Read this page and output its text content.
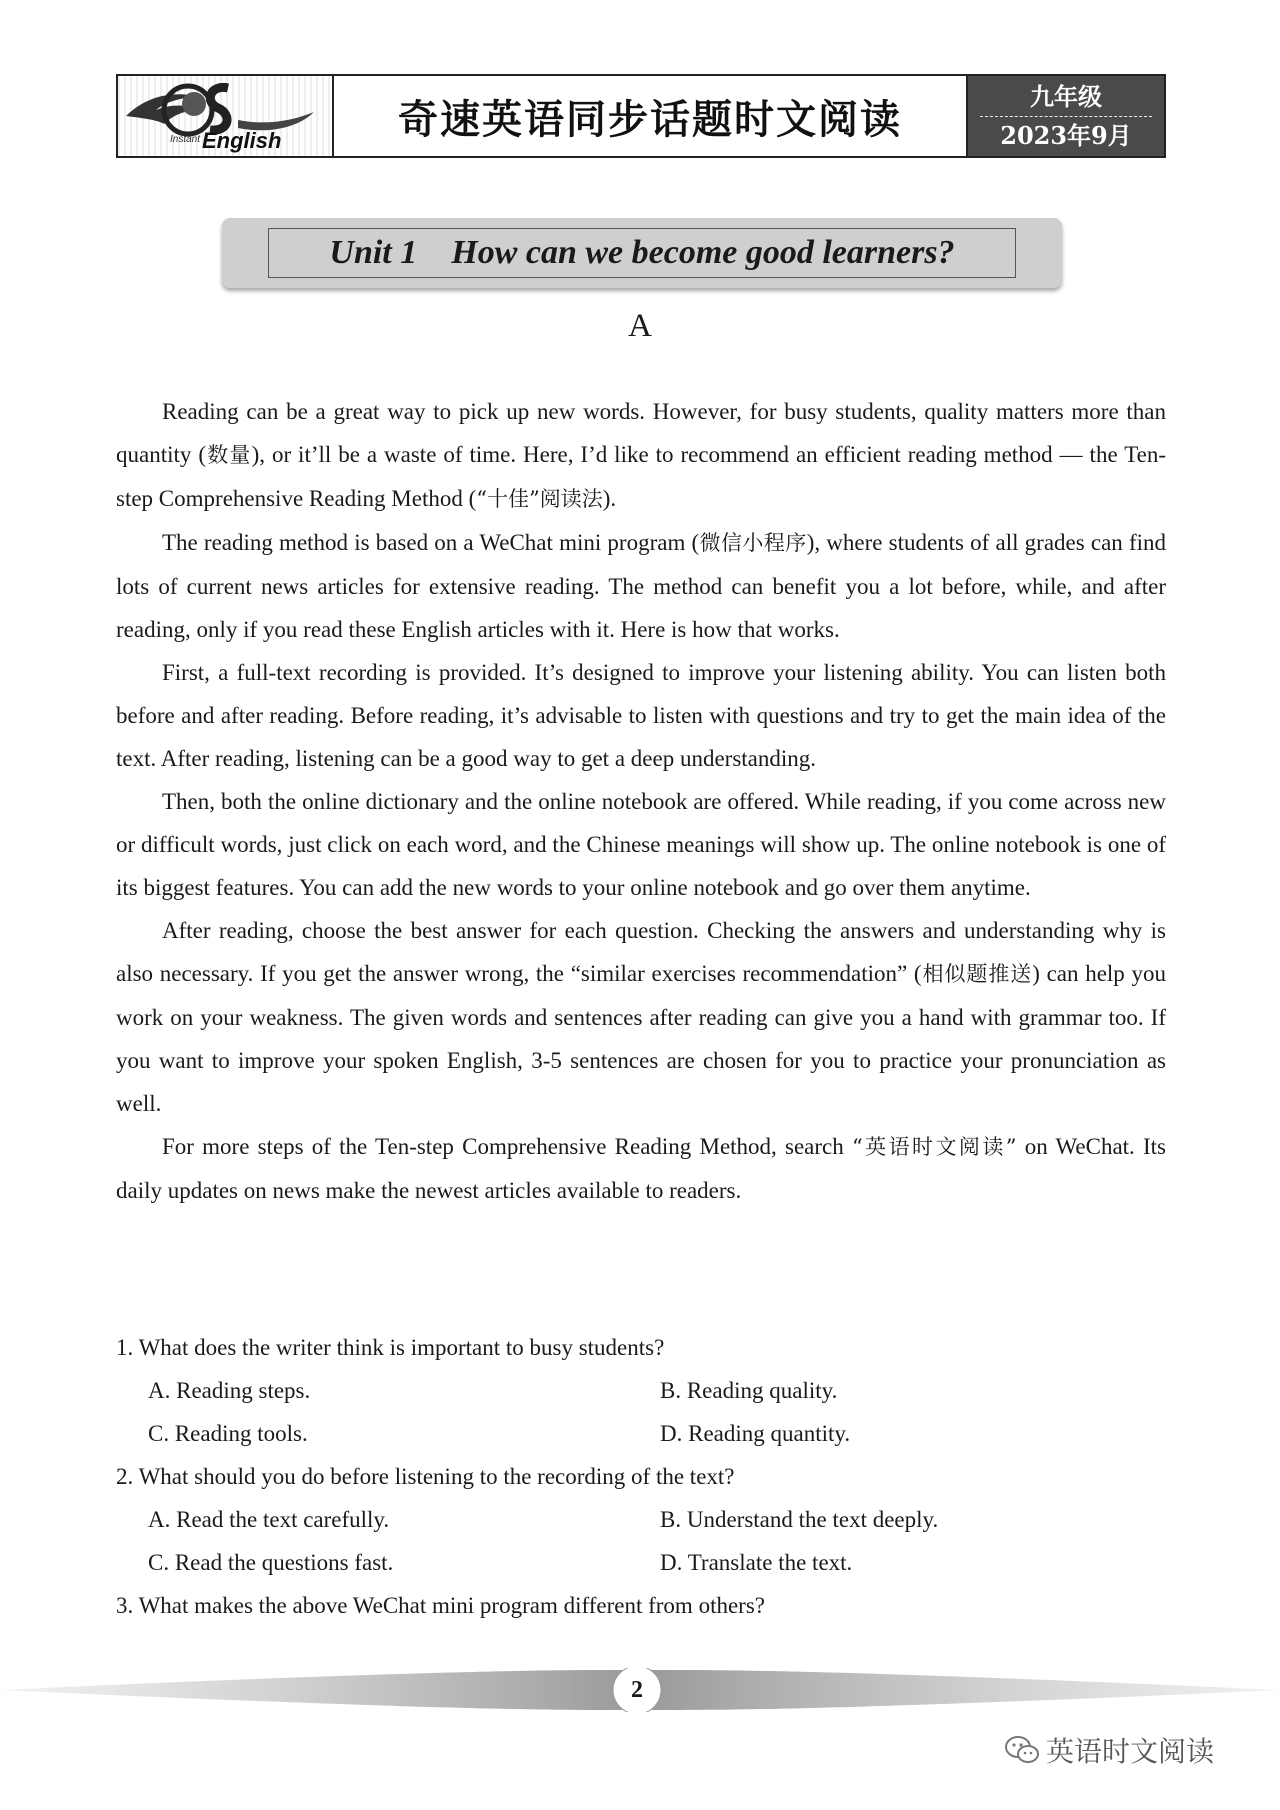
Instant English	奇速英语同步话题时文阅读	九年级
2023年9月
Unit 1
How can we become good learners?
A

Reading can be a great way to pick up new words. However, for busy students, quality matters more than quantity (数量), or it’ll be a waste of time. Here, I’d like to recommend an efficient reading method — the Ten-step Comprehensive Reading Method (“十佳”阅读法).

The reading method is based on a WeChat mini program (微信小程序), where students of all grades can find lots of current news articles for extensive reading. The method can benefit you a lot before, while, and after reading, only if you read these English articles with it. Here is how that works.

First, a full-text recording is provided. It’s designed to improve your listening ability. You can listen both before and after reading. Before reading, it’s advisable to listen with questions and try to get the main idea of the text. After reading, listening can be a good way to get a deep understanding.

Then, both the online dictionary and the online notebook are offered. While reading, if you come across new or difficult words, just click on each word, and the Chinese meanings will show up. The online notebook is one of its biggest features. You can add the new words to your online notebook and go over them anytime.

After reading, choose the best answer for each question. Checking the answers and understanding why is also necessary. If you get the answer wrong, the “similar exercises recommendation” (相似题推送) can help you work on your weakness. The given words and sentences after reading can give you a hand with grammar too. If you want to improve your spoken English, 3-5 sentences are chosen for you to practice your pronunciation as well.

For more steps of the Ten-step Comprehensive Reading Method, search “英语时文阅读” on WeChat. Its daily updates on news make the newest articles available to readers.

1. What does the writer think is important to busy students?

A. Reading steps.	B. Reading quality.
C. Reading tools.	D. Reading quantity.

2. What should you do before listening to the recording of the text?

A. Read the text carefully.	B. Understand the text deeply.
C. Read the questions fast.	D. Translate the text.

3. What makes the above WeChat mini program different from others?

2
英语时文阅读
